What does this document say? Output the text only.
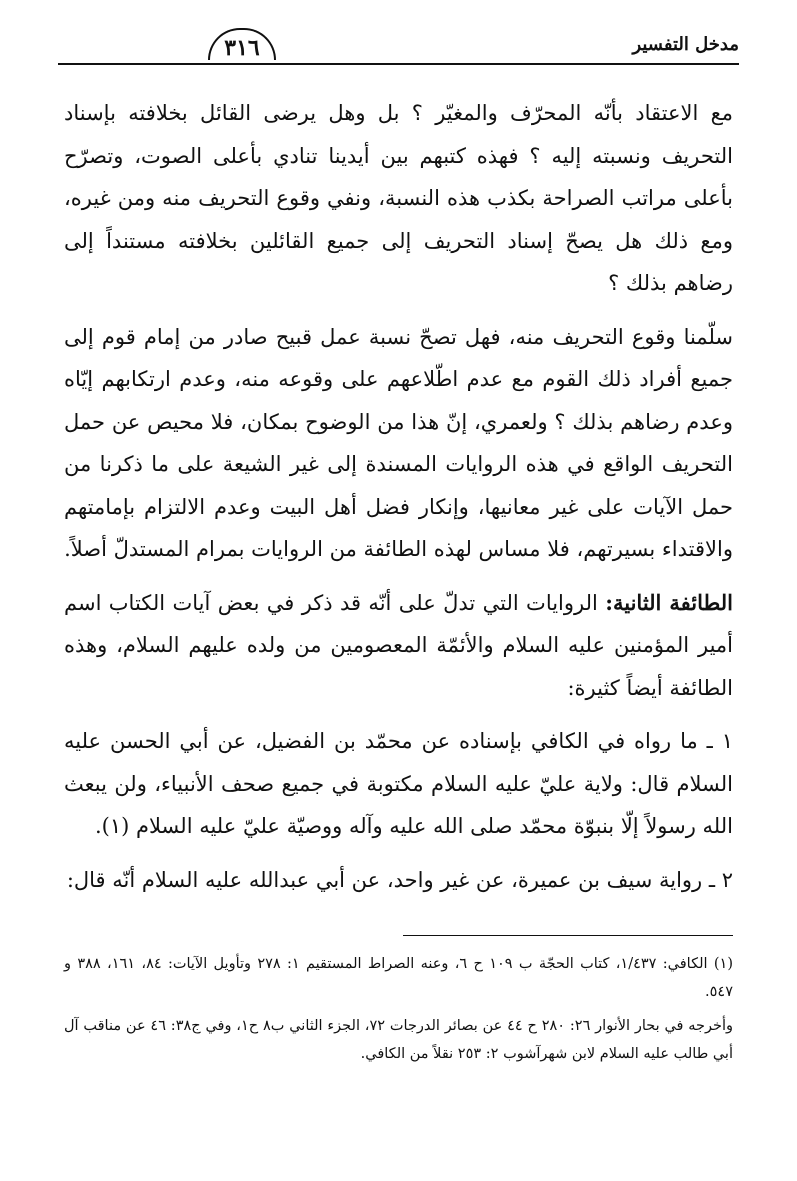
مدخل التفسير
٣١٦

مع الاعتقاد بأنّه المحرّف والمغيّر ؟ بل وهل يرضى القائل بخلافته بإسناد التحريف ونسبته إليه ؟ فهذه كتبهم بين أيدينا تنادي بأعلى الصوت، وتصرّح بأعلى مراتب الصراحة بكذب هذه النسبة، ونفي وقوع التحريف منه ومن غيره، ومع ذلك هل يصحّ إسناد التحريف إلى جميع القائلين بخلافته مستنداً إلى رضاهم بذلك ؟

سلّمنا وقوع التحريف منه، فهل تصحّ نسبة عمل قبيح صادر من إمام قوم إلى جميع أفراد ذلك القوم مع عدم اطّلاعهم على وقوعه منه، وعدم ارتكابهم إيّاه وعدم رضاهم بذلك ؟ ولعمري، إنّ هذا من الوضوح بمكان، فلا محيص عن حمل التحريف الواقع في هذه الروايات المسندة إلى غير الشيعة على ما ذكرنا من حمل الآيات على غير معانيها، وإنكار فضل أهل البيت وعدم الالتزام بإمامتهم والاقتداء بسيرتهم، فلا مساس لهذه الطائفة من الروايات بمرام المستدلّ أصلاً.

الطائفة الثانية: الروايات التي تدلّ على أنّه قد ذكر في بعض آيات الكتاب اسم أمير المؤمنين عليه السلام والأئمّة المعصومين من ولده عليهم السلام، وهذه الطائفة أيضاً كثيرة:

١ ـ ما رواه في الكافي بإسناده عن محمّد بن الفضيل، عن أبي الحسن عليه السلام قال: ولاية عليّ عليه السلام مكتوبة في جميع صحف الأنبياء، ولن يبعث الله رسولاً إلّا بنبوّة محمّد صلى الله عليه وآله ووصيّة عليّ عليه السلام (١).

٢ ـ رواية سيف بن عميرة، عن غير واحد، عن أبي عبدالله عليه السلام أنّه قال:

(١) الكافي: ١/٤٣٧، كتاب الحجّة ب ١٠٩ ح ٦، وعنه الصراط المستقيم ١: ٢٧٨ وتأويل الآيات: ٨٤، ١٦١، ٣٨٨ و ٥٤٧.

وأخرجه في بحار الأنوار ٢٦: ٢٨٠ ح ٤٤ عن بصائر الدرجات ٧٢، الجزء الثاني ب٨ ح١، وفي ج٣٨: ٤٦ عن مناقب آل أبي طالب عليه السلام لابن شهرآشوب ٢: ٢٥٣ نقلاً من الكافي.
